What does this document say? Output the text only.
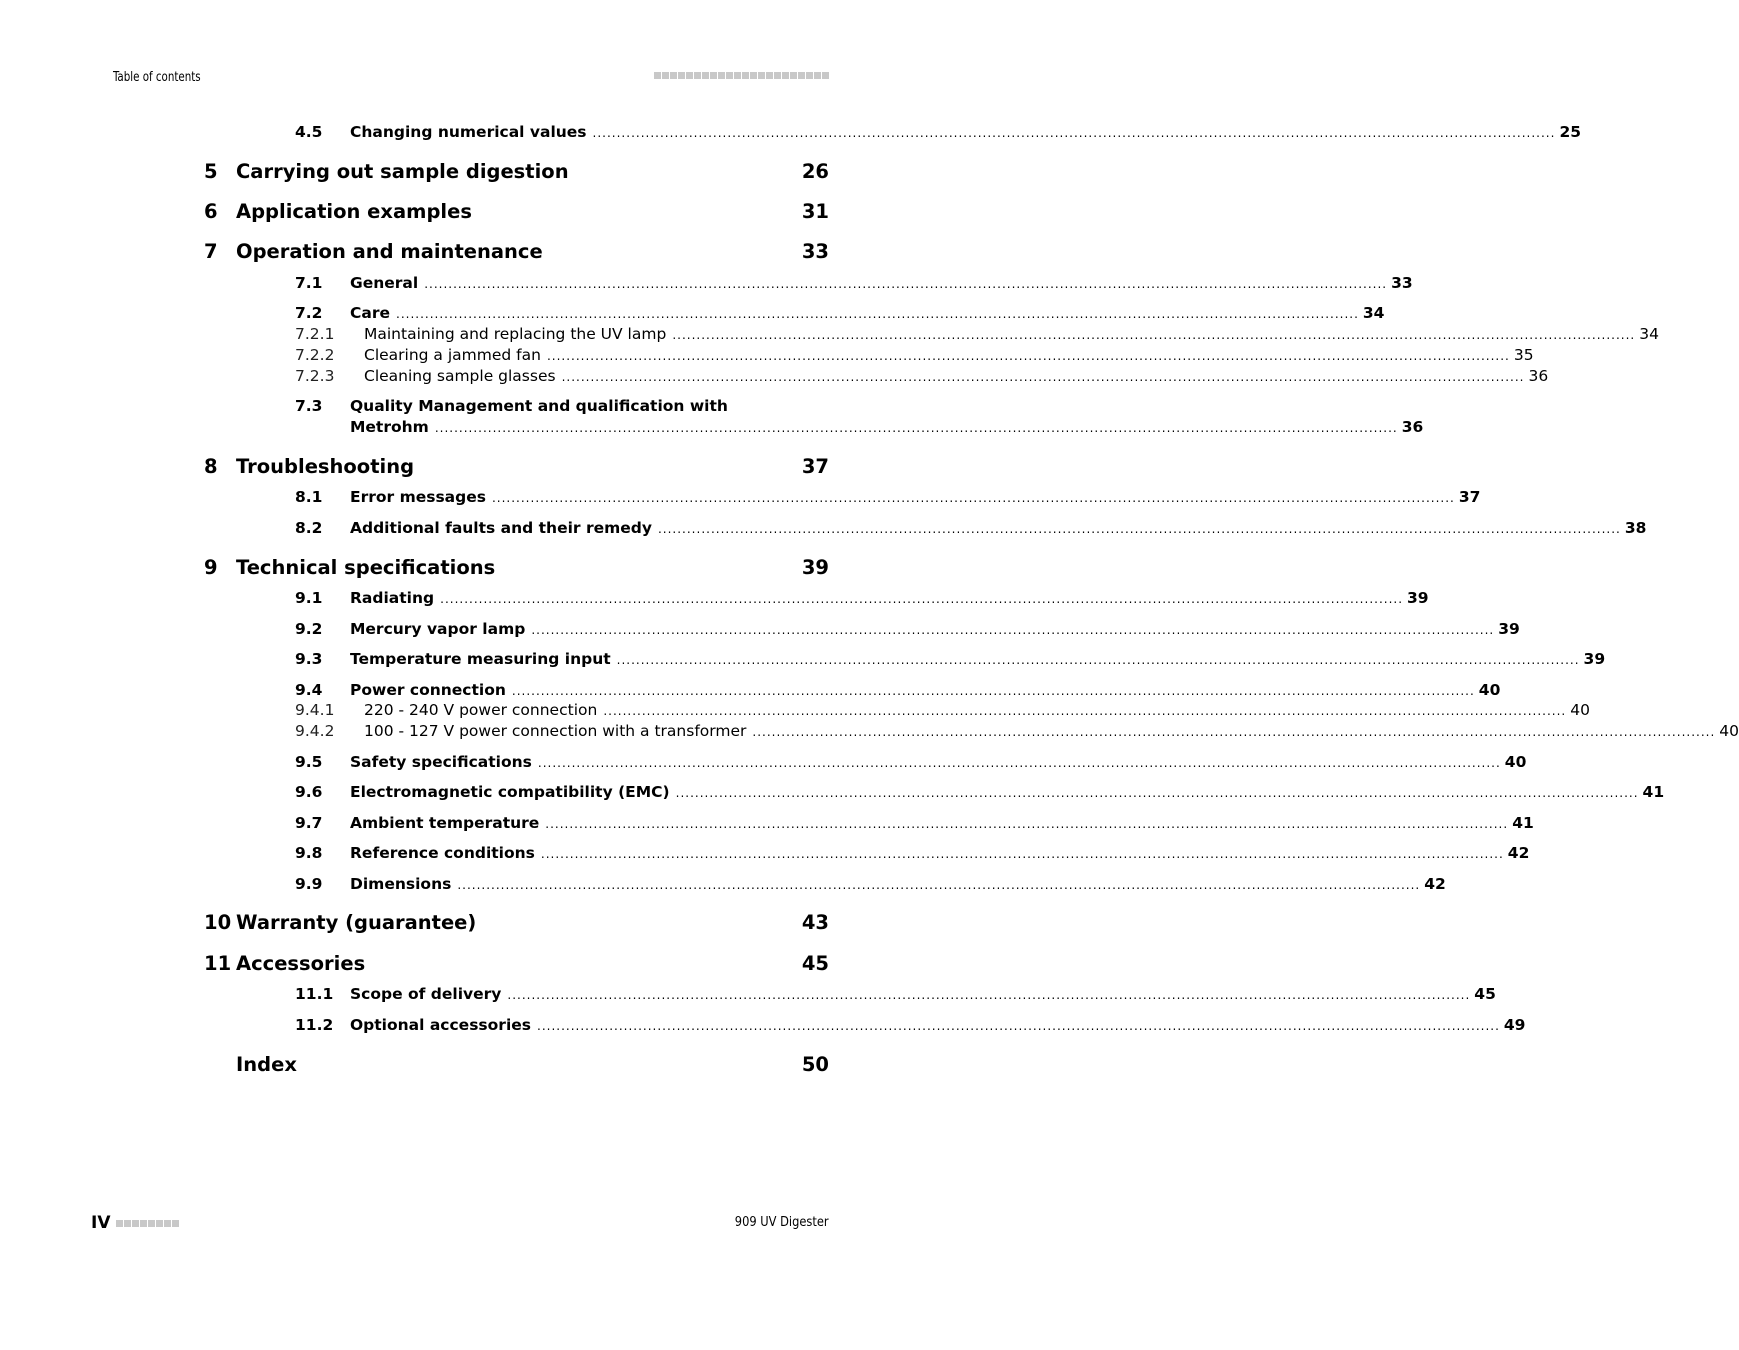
Table of contents
4.5 Changing numerical values ........................................................................................................................................................................................................ 25
5 Carrying out sample digestion	26
6 Application examples	31
7 Operation and maintenance	33
7.1 General ........................................................................................................................................................................................................ 33
7.2 Care ........................................................................................................................................................................................................ 34
7.2.1 Maintaining and replacing the UV lamp ........................................................................................................................................................................................................ 34
7.2.2 Clearing a jammed fan ........................................................................................................................................................................................................ 35
7.2.3 Cleaning sample glasses ........................................................................................................................................................................................................ 36
7.3 Quality Management and qualification with
Metrohm ........................................................................................................................................................................................................ 36
8 Troubleshooting	37
8.1 Error messages ........................................................................................................................................................................................................ 37
8.2 Additional faults and their remedy ........................................................................................................................................................................................................ 38
9 Technical specifications	39
9.1 Radiating ........................................................................................................................................................................................................ 39
9.2 Mercury vapor lamp ........................................................................................................................................................................................................ 39
9.3 Temperature measuring input ........................................................................................................................................................................................................ 39
9.4 Power connection ........................................................................................................................................................................................................ 40
9.4.1 220 - 240 V power connection ........................................................................................................................................................................................................ 40
9.4.2 100 - 127 V power connection with a transformer ........................................................................................................................................................................................................ 40
9.5 Safety specifications ........................................................................................................................................................................................................ 40
9.6 Electromagnetic compatibility (EMC) ........................................................................................................................................................................................................ 41
9.7 Ambient temperature ........................................................................................................................................................................................................ 41
9.8 Reference conditions ........................................................................................................................................................................................................ 42
9.9 Dimensions ........................................................................................................................................................................................................ 42
10 Warranty (guarantee)	43
11 Accessories	45
11.1 Scope of delivery ........................................................................................................................................................................................................ 45
11.2 Optional accessories ........................................................................................................................................................................................................ 49
Index	50
IV	909 UV Digester
